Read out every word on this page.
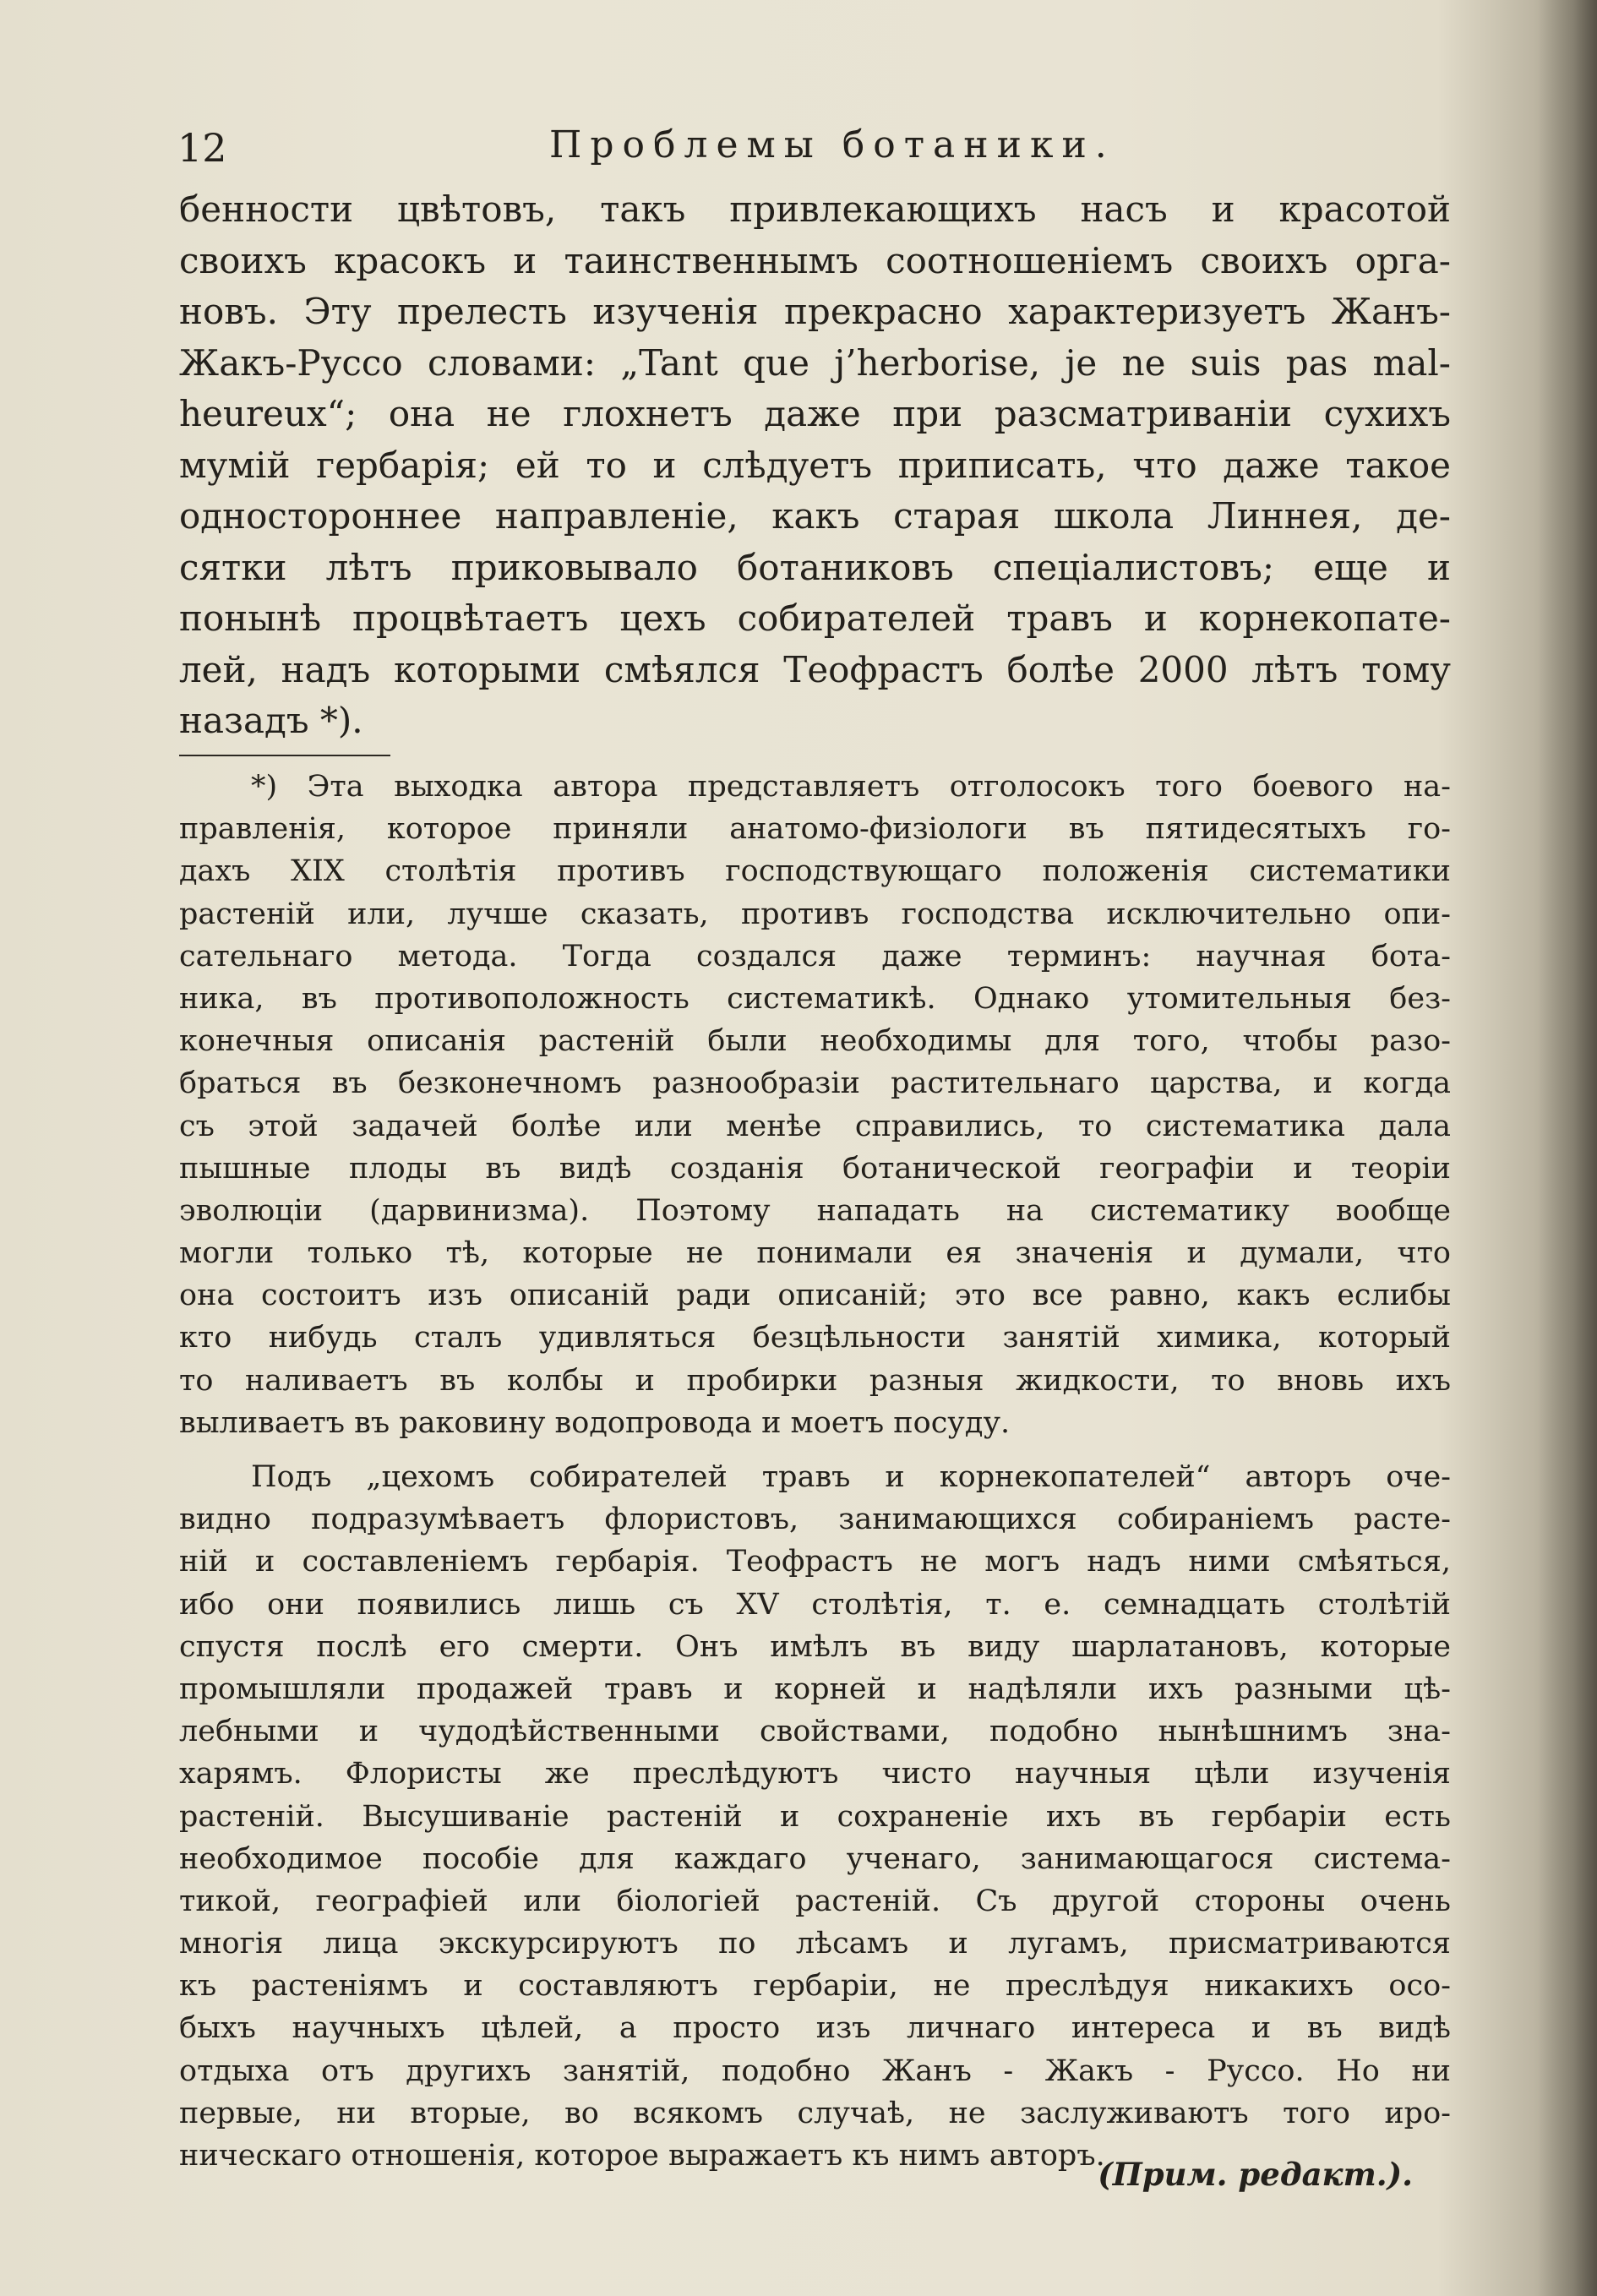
12	Проблемы ботаники.
бенности цвѣтовъ, такъ привлекающихъ насъ и красотой
своихъ красокъ и таинственнымъ соотношеніемъ своихъ орга-
новъ. Эту прелесть изученія прекрасно характеризуетъ Жанъ-
Жакъ-Руссо словами: „Tant que j’herborise, je ne suis pas mal-
heureux“; она не глохнетъ даже при разсматриваніи сухихъ
мумій гербарія; ей то и слѣдуетъ приписать, что даже такое
одностороннее направленіе, какъ старая школа Линнея, де-
сятки лѣтъ приковывало ботаниковъ спеціалистовъ; еще и
понынѣ процвѣтаетъ цехъ собирателей травъ и корнекопате-
лей, надъ которыми смѣялся Теофрастъ болѣе 2000 лѣтъ тому
назадъ *).
*) Эта выходка автора представляетъ отголосокъ того боевого на-
правленія, которое приняли анатомо-физіологи въ пятидесятыхъ го-
дахъ XIX столѣтія противъ господствующаго положенія систематики
растеній или, лучше сказать, противъ господства исключительно опи-
сательнаго метода. Тогда создался даже терминъ: научная бота-
ника, въ противоположность систематикѣ. Однако утомительныя без-
конечныя описанія растеній были необходимы для того, чтобы разо-
браться въ безконечномъ разнообразіи растительнаго царства, и когда
съ этой задачей болѣе или менѣе справились, то систематика дала
пышные плоды въ видѣ созданія ботанической географіи и теоріи
эволюціи (дарвинизма). Поэтому нападать на систематику вообще
могли только тѣ, которые не понимали ея значенія и думали, что
она состоитъ изъ описаній ради описаній; это все равно, какъ еслибы
кто нибудь сталъ удивляться безцѣльности занятій химика, который
то наливаетъ въ колбы и пробирки разныя жидкости, то вновь ихъ
выливаетъ въ раковину водопровода и моетъ посуду.
Подъ „цехомъ собирателей травъ и корнекопателей“ авторъ оче-
видно подразумѣваетъ флористовъ, занимающихся собираніемъ расте-
ній и составленіемъ гербарія. Теофрастъ не могъ надъ ними смѣяться,
ибо они появились лишь съ XV столѣтія, т. е. семнадцать столѣтій
спустя послѣ его смерти. Онъ имѣлъ въ виду шарлатановъ, которые
промышляли продажей травъ и корней и надѣляли ихъ разными цѣ-
лебными и чудодѣйственными свойствами, подобно нынѣшнимъ зна-
харямъ. Флористы же преслѣдуютъ чисто научныя цѣли изученія
растеній. Высушиваніе растеній и сохраненіе ихъ въ гербаріи есть
необходимое пособіе для каждаго ученаго, занимающагося система-
тикой, географіей или біологіей растеній. Съ другой стороны очень
многія лица экскурсируютъ по лѣсамъ и лугамъ, присматриваются
къ растеніямъ и составляютъ гербаріи, не преслѣдуя никакихъ осо-
быхъ научныхъ цѣлей, а просто изъ личнаго интереса и въ видѣ
отдыха отъ другихъ занятій, подобно Жанъ - Жакъ - Руссо. Но ни
первые, ни вторые, во всякомъ случаѣ, не заслуживаютъ того иро-
ническаго отношенія, которое выражаетъ къ нимъ авторъ.
(Прим. редакт.).
